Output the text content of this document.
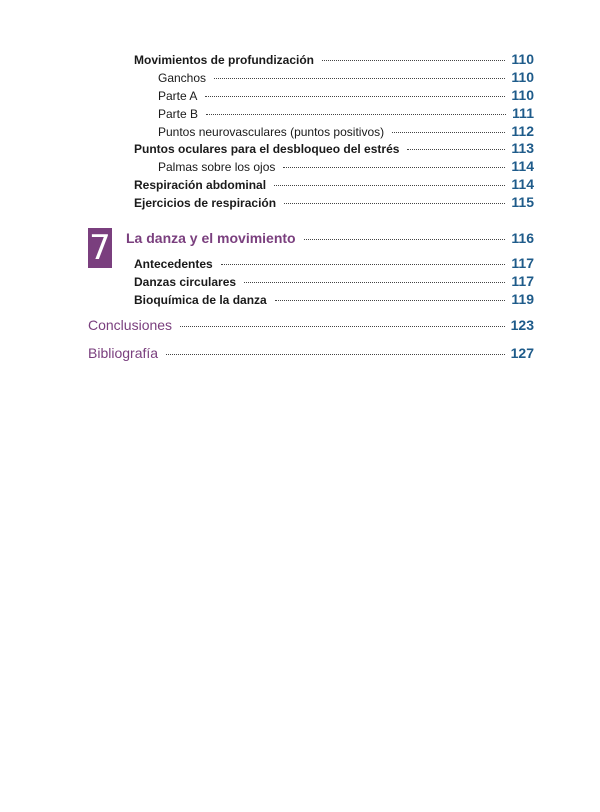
Movimientos de profundización	110
Ganchos	110
Parte A	110
Parte B	111
Puntos neurovasculares (puntos positivos)	112
Puntos oculares para el desbloqueo del estrés	113
Palmas sobre los ojos	114
Respiración abdominal	114
Ejercicios de respiración	115
7 La danza y el movimiento	116
Antecedentes	117
Danzas circulares	117
Bioquímica de la danza	119
Conclusiones	123
Bibliografía	127
